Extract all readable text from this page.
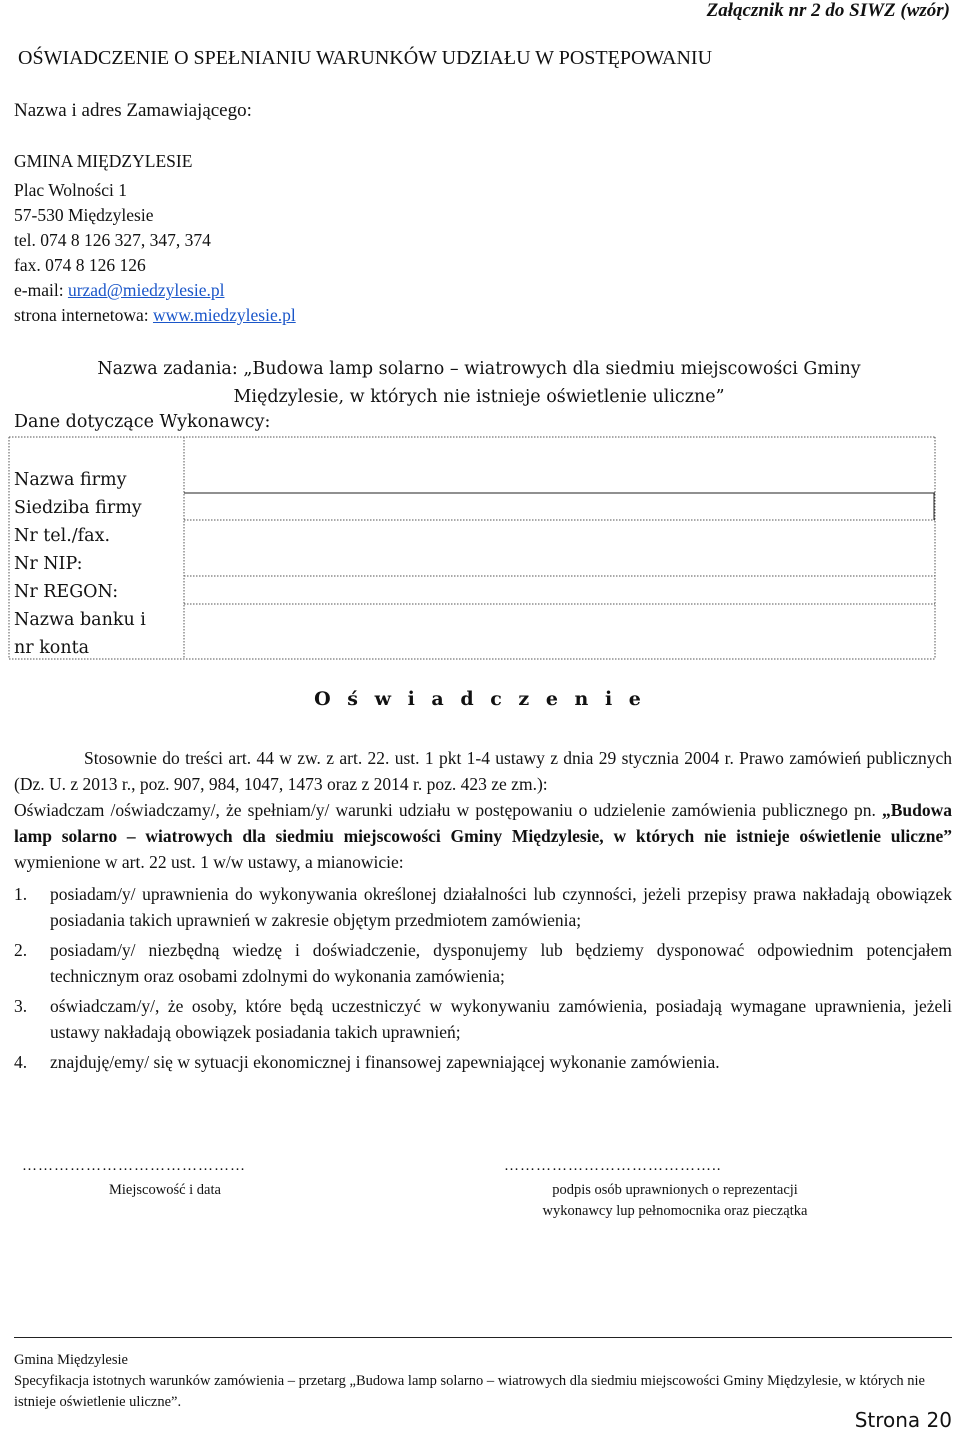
Załącznik nr 2 do SIWZ (wzór)
OŚWIADCZENIE O SPEŁNIANIU WARUNKÓW UDZIAŁU W POSTĘPOWANIU
Nazwa i adres Zamawiającego:
GMINA MIĘDZYLESIE
Plac Wolności 1
57-530 Międzylesie
tel. 074 8 126 327, 347, 374
fax. 074 8 126 126
e-mail: urzad@miedzylesie.pl
strona internetowa: www.miedzylesie.pl
Nazwa zadania: „Budowa lamp solarno – wiatrowych dla siedmiu miejscowości Gminy
Międzylesie, w których nie istnieje oświetlenie uliczne”
Dane dotyczące Wykonawcy:
Nazwa firmy
Siedziba firmy
Nr tel./fax.
Nr NIP:
Nr REGON:
Nazwa banku i
nr konta
O ś w i a d c z e n i e

Stosownie do treści art. 44 w zw. z art. 22. ust. 1 pkt 1-4 ustawy z dnia 29 stycznia 2004 r. Prawo zamówień publicznych (Dz. U. z 2013 r., poz. 907, 984, 1047, 1473 oraz z 2014 r. poz. 423 ze zm.):

Oświadczam /oświadczamy/, że spełniam/y/ warunki udziału w postępowaniu o udzielenie zamówienia publicznego pn. „Budowa lamp solarno – wiatrowych dla siedmiu miejscowości Gminy Międzylesie, w których nie istnieje oświetlenie uliczne” wymienione w art. 22 ust. 1 w/w ustawy, a mianowicie:

1. posiadam/y/ uprawnienia do wykonywania określonej działalności lub czynności, jeżeli przepisy prawa nakładają obowiązek posiadania takich uprawnień w zakresie objętym przedmiotem zamówienia;
2. posiadam/y/ niezbędną wiedzę i doświadczenie, dysponujemy lub będziemy dysponować odpowiednim potencjałem technicznym oraz osobami zdolnymi do wykonania zamówienia;
3. oświadczam/y/, że osoby, które będą uczestniczyć w wykonywaniu zamówienia, posiadają wymagane uprawnienia, jeżeli ustawy nakładają obowiązek posiadania takich uprawnień;
4. znajduję/emy/ się w sytuacji ekonomicznej i finansowej zapewniającej wykonanie zamówienia.
……………………………………
Miejscowość i data
…………………………………..
podpis osób uprawnionych o reprezentacji
wykonawcy lup pełnomocnika oraz pieczątka
Gmina Międzylesie
Specyfikacja istotnych warunków zamówienia – przetarg „Budowa lamp solarno – wiatrowych dla siedmiu miejscowości Gminy Międzylesie, w których nie istnieje oświetlenie uliczne”.
Strona 20
